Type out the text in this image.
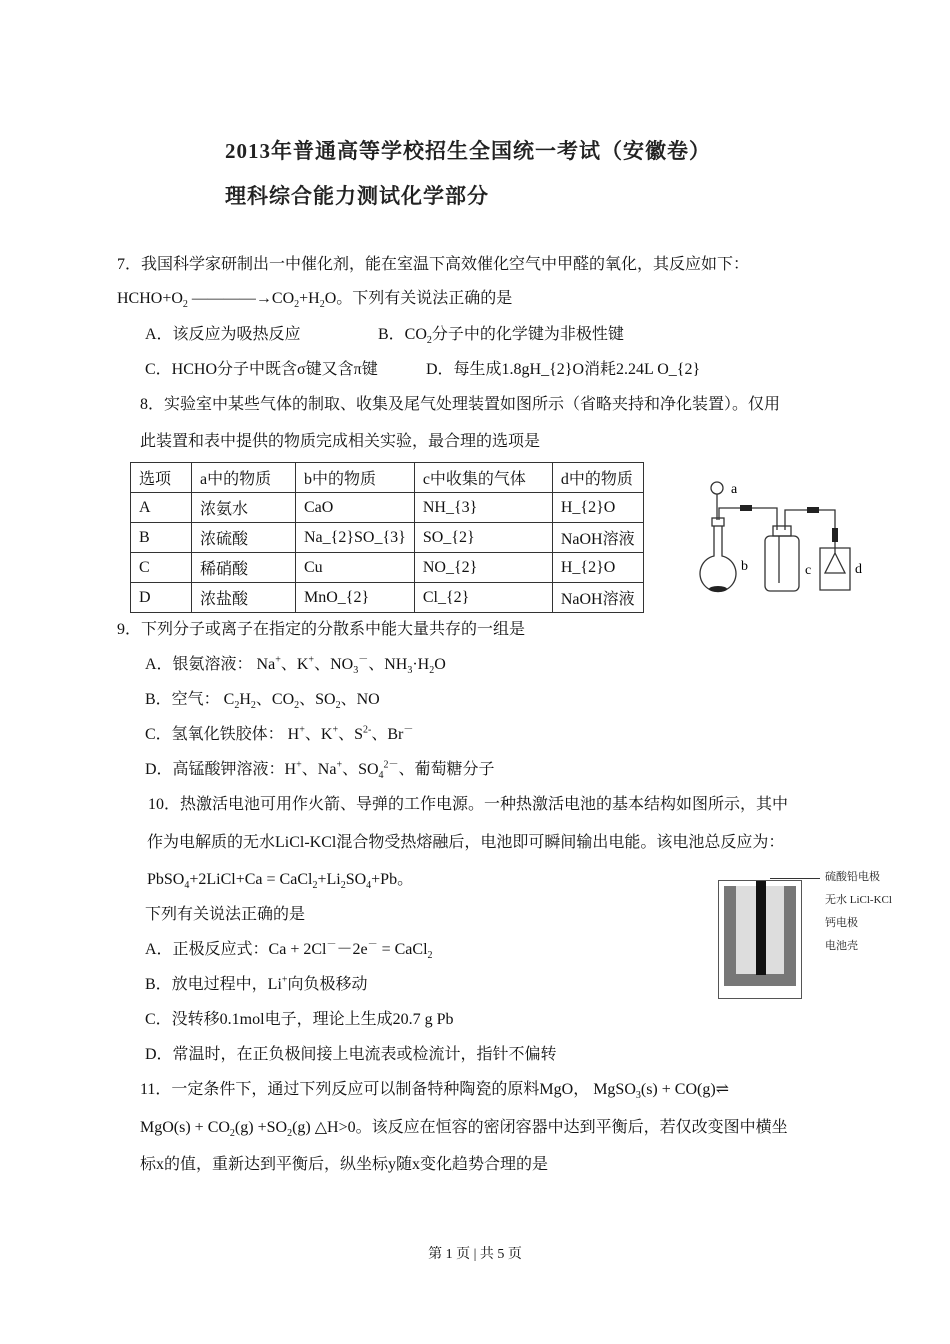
2013年普通高等学校招生全国统一考试（安徽卷）
理科综合能力测试化学部分
7．我国科学家研制出一中催化剂，能在室温下高效催化空气中甲醛的氧化，其反应如下：
$HCHO+O_2$ $————\to CO_2+H_2O$。下列有关说法正确的是
A．该反应为吸热反应	B．$CO_2$分子中的化学键为非极性键
C．HCHO分子中既含σ键又含π键	D．每生成1.8gH_{2}O消耗2.24L O_{2}
8．实验室中某些气体的制取、收集及尾气处理装置如图所示（省略夹持和净化装置）。仅用
此装置和表中提供的物质完成相关实验，最合理的选项是
选项	a中的物质	b中的物质	c中收集的气体	d中的物质
A	浓氨水	CaO	NH_{3}	H_{2}O
B	浓硫酸	Na_{2}SO_{3}	SO_{2}	NaOH溶液
C	稀硝酸	Cu	NO_{2}	H_{2}O
D	浓盐酸	MnO_{2}	Cl_{2}	NaOH溶液
a
b	c	d
9．下列分子或离子在指定的分散系中能大量共存的一组是
A．银氨溶液： Na+、K+、$NO_3^-$、$NH_3\cdot H_2O$
B．空气： $C_2H_2$、$CO_2$、$SO_2$、NO
C．氢氧化铁胶体： H+、K+、$S^{2-}$、Br－
D．高锰酸钾溶液：H+、Na+、$SO_4^{2-}$、葡萄糖分子
10．热激活电池可用作火箭、导弹的工作电源。一种热激活电池的基本结构如图所示，其中
作为电解质的无水LiCl-KCl混合物受热熔融后，电池即可瞬间输出电能。该电池总反应为：
PbSO$_4$+2LiCl+Ca = $CaCl_2+Li_2SO_4+Pb$。
下列有关说法正确的是
A．正极反应式：Ca + 2Cl－－2e－ = CaCl$_2$
B．放电过程中，Li+向负极移动
C．没转移0.1mol电子，理论上生成20.7 g Pb
D．常温时，在正负极间接上电流表或检流计，指针不偏转
硫酸铅电极
无水 LiCl-KCl
钙电极
电池壳
11．一定条件下，通过下列反应可以制备特种陶瓷的原料MgO， MgSO$_3$(s) + CO(g)⇌
$MgO(s) + CO_2(g) +SO_2(g)$ △H>0。该反应在恒容的密闭容器中达到平衡后，若仅改变图中横坐
标x的值，重新达到平衡后，纵坐标y随x变化趋势合理的是
第 1 页 | 共 5 页
